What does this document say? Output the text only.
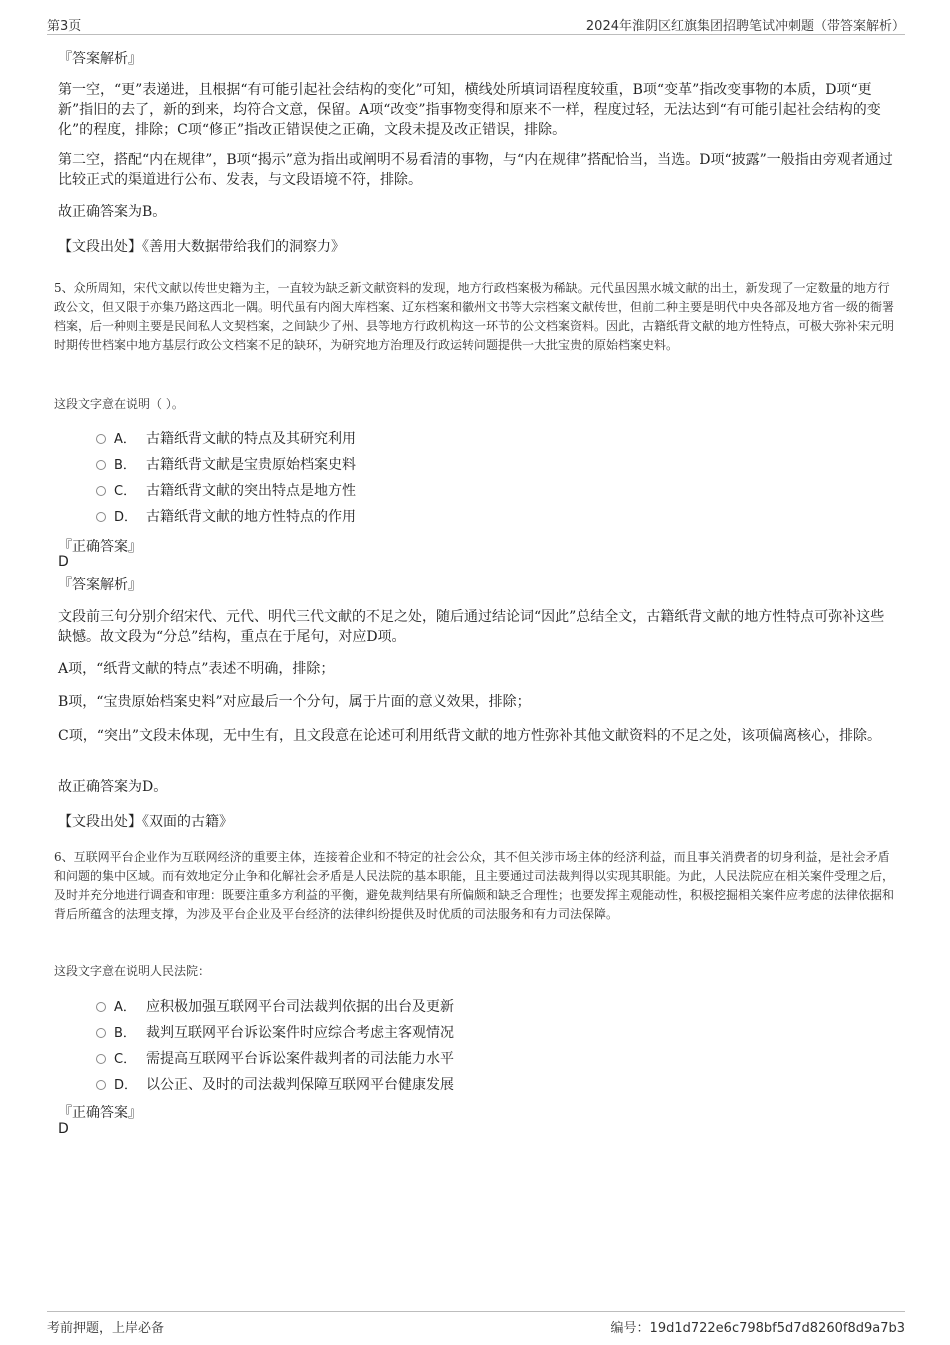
第3页	2024年淮阴区红旗集团招聘笔试冲刺题（带答案解析）
『答案解析』
第一空，“更”表递进，且根据“有可能引起社会结构的变化”可知，横线处所填词语程度较重，B项“变革”指改变事物的本质，D项“更新”指旧的去了，新的到来，均符合文意，保留。A项“改变”指事物变得和原来不一样，程度过轻，无法达到“有可能引起社会结构的变化”的程度，排除；C项“修正”指改正错误使之正确，文段未提及改正错误，排除。
第二空，搭配“内在规律”，B项“揭示”意为指出或阐明不易看清的事物，与“内在规律”搭配恰当，当选。D项“披露”一般指由旁观者通过比较正式的渠道进行公布、发表，与文段语境不符，排除。
故正确答案为B。
【文段出处】《善用大数据带给我们的洞察力》
5、众所周知，宋代文献以传世史籍为主，一直较为缺乏新文献资料的发现，地方行政档案极为稀缺。元代虽因黑水城文献的出土，新发现了一定数量的地方行政公文，但又限于亦集乃路这西北一隅。明代虽有内阁大库档案、辽东档案和徽州文书等大宗档案文献传世，但前二种主要是明代中央各部及地方省一级的衙署档案，后一种则主要是民间私人文契档案，之间缺少了州、县等地方行政机构这一环节的公文档案资料。因此，古籍纸背文献的地方性特点，可极大弥补宋元明时期传世档案中地方基层行政公文档案不足的缺环，为研究地方治理及行政运转问题提供一大批宝贵的原始档案史料。
这段文字意在说明（ ）。
A． 古籍纸背文献的特点及其研究利用
B． 古籍纸背文献是宝贵原始档案史料
C． 古籍纸背文献的突出特点是地方性
D． 古籍纸背文献的地方性特点的作用
『正确答案』
D
『答案解析』
文段前三句分别介绍宋代、元代、明代三代文献的不足之处，随后通过结论词“因此”总结全文，古籍纸背文献的地方性特点可弥补这些缺憾。故文段为“分总”结构，重点在于尾句，对应D项。
A项，“纸背文献的特点”表述不明确，排除；
B项，“宝贵原始档案史料”对应最后一个分句，属于片面的意义效果，排除；
C项，“突出”文段未体现，无中生有，且文段意在论述可利用纸背文献的地方性弥补其他文献资料的不足之处，该项偏离核心，排除。
故正确答案为D。
【文段出处】《双面的古籍》
6、互联网平台企业作为互联网经济的重要主体，连接着企业和不特定的社会公众，其不但关涉市场主体的经济利益，而且事关消费者的切身利益，是社会矛盾和问题的集中区域。而有效地定分止争和化解社会矛盾是人民法院的基本职能，且主要通过司法裁判得以实现其职能。为此，人民法院应在相关案件受理之后，及时并充分地进行调查和审理：既要注重多方利益的平衡，避免裁判结果有所偏颇和缺乏合理性；也要发挥主观能动性，积极挖掘相关案件应考虑的法律依据和背后所蕴含的法理支撑，为涉及平台企业及平台经济的法律纠纷提供及时优质的司法服务和有力司法保障。
这段文字意在说明人民法院：
A． 应积极加强互联网平台司法裁判依据的出台及更新
B． 裁判互联网平台诉讼案件时应综合考虑主客观情况
C． 需提高互联网平台诉讼案件裁判者的司法能力水平
D． 以公正、及时的司法裁判保障互联网平台健康发展
『正确答案』
D
考前押题，上岸必备	编号：19d1d722e6c798bf5d7d8260f8d9a7b3
